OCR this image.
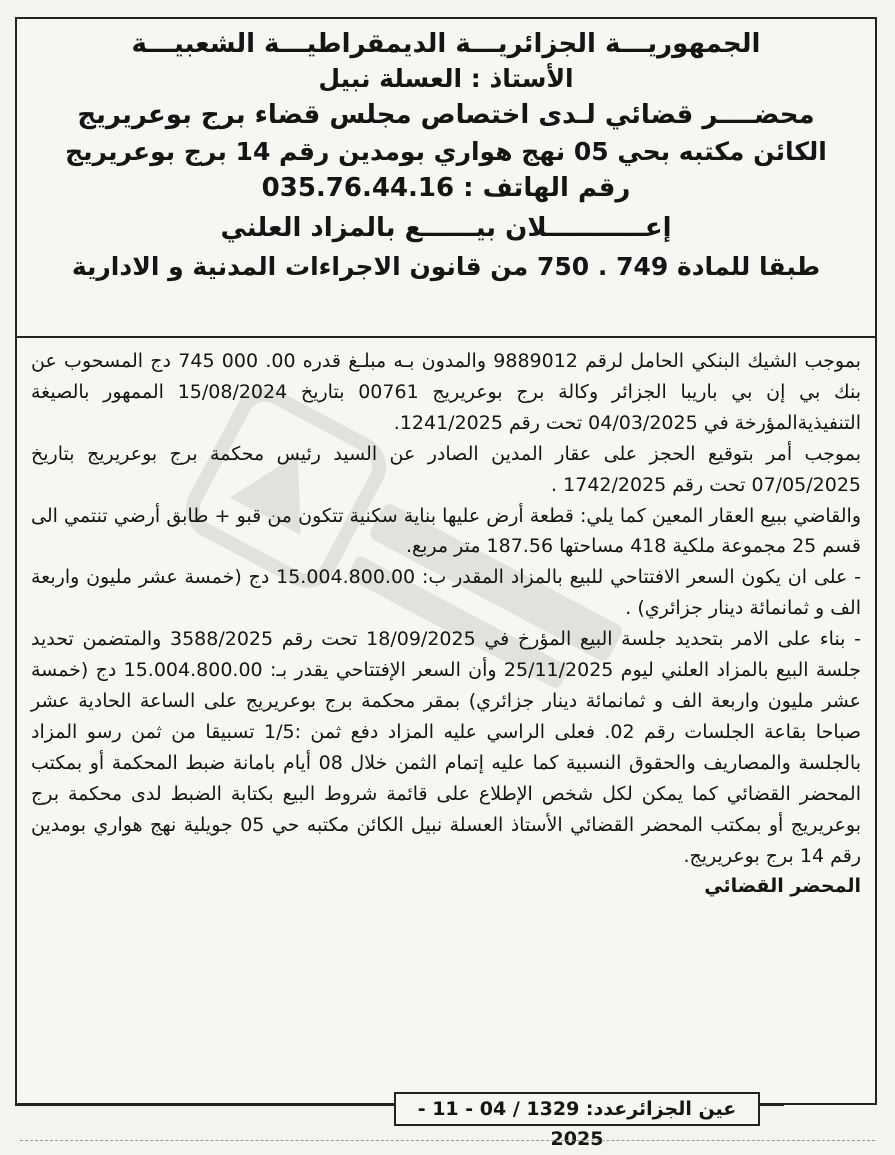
الجمهوريـــة الجزائريـــة الديمقراطيـــة الشعبيـــة
الأستاذ : العسلة نبيل
محضــــر قضائي لـدى اختصاص مجلس قضاء برج بوعريريج
الكائن مكتبه بحي 05 نهج هواري بومدين رقم 14 برج بوعريريج
رقم الهاتف : 035.76.44.16
إعـــــــــــلان بيــــــع بالمزاد العلني
طبقا للمادة 749 . 750 من قانون الاجراءات المدنية و الادارية

بموجب الشيك البنكي الحامل لرقم 9889012 والمدون بـه مبلـغ قدره 00. 000 745 دج المسحوب عن بنك بي إن بي باريبا الجزائر وكالة برج بوعريريج 00761 بتاريخ 15/08/2024 الممهور بالصيغة التنفيذيةالمؤرخة في 04/03/2025 تحت رقم 1241/2025.

بموجب أمر بتوقيع الحجز على عقار المدين الصادر عن السيد رئيس محكمة برج بوعريريج بتاريخ 07/05/2025 تحت رقم 1742/2025 .

والقاضي ببيع العقار المعين كما يلي: قطعة أرض عليها بناية سكنية تتكون من قبو + طابق أرضي تنتمي الى قسم 25 مجموعة ملكية 418 مساحتها 187.56 متر مربع.

- على ان يكون السعر الافتتاحي للبيع بالمزاد المقدر ب: 15.004.800.00 دج (خمسة عشر مليون واربعة الف و ثمانمائة دينار جزائري) .

- بناء على الامر بتحديد جلسة البيع المؤرخ في 18/09/2025 تحت رقم 3588/2025 والمتضمن تحديد جلسة البيع بالمزاد العلني ليوم 25/11/2025 وأن السعر الإفتتاحي يقدر بـ: 15.004.800.00 دج (خمسة عشر مليون واربعة الف و ثمانمائة دينار جزائري) بمقر محكمة برج بوعريريج على الساعة الحادية عشر صباحا بقاعة الجلسات رقم 02. فعلى الراسي عليه المزاد دفع ثمن :1/5 تسبيقا من ثمن رسو المزاد بالجلسة والمصاريف والحقوق النسبية كما عليه إتمام الثمن خلال 08 أيام بامانة ضبط المحكمة أو بمكتب المحضر القضائي كما يمكن لكل شخص الإطلاع على قائمة شروط البيع بكتابة الضبط لدى محكمة برج بوعريريج أو بمكتب المحضر القضائي الأستاذ العسلة نبيل الكائن مكتبه حي 05 جويلية نهج هواري بومدين رقم 14 برج بوعريريج.

المحضر القضائي

عين الجزائرعدد: 1329 / 04 - 11 - 2025
